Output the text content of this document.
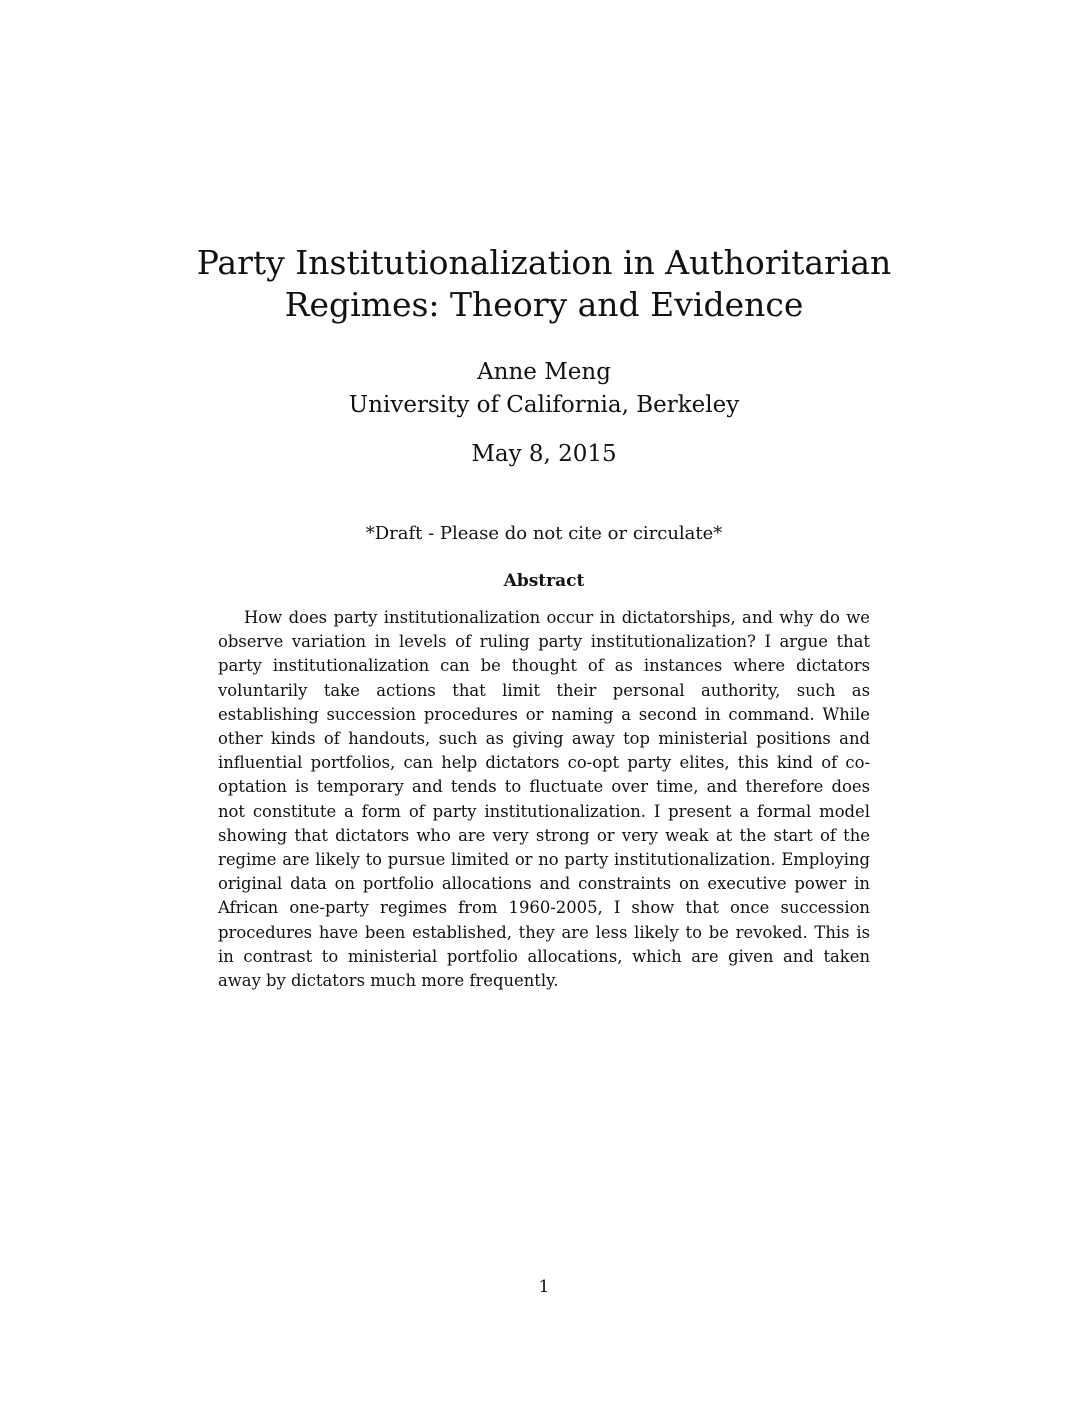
Party Institutionalization in Authoritarian Regimes: Theory and Evidence
Anne Meng
University of California, Berkeley
May 8, 2015
*Draft - Please do not cite or circulate*
Abstract

How does party institutionalization occur in dictatorships, and why do we observe variation in levels of ruling party institutionalization? I argue that party institutionalization can be thought of as instances where dictators voluntarily take actions that limit their personal authority, such as establishing succession procedures or naming a second in command. While other kinds of handouts, such as giving away top ministerial positions and influential portfolios, can help dictators co-opt party elites, this kind of co-optation is temporary and tends to fluctuate over time, and therefore does not constitute a form of party institutionalization. I present a formal model showing that dictators who are very strong or very weak at the start of the regime are likely to pursue limited or no party institutionalization. Employing original data on portfolio allocations and constraints on executive power in African one-party regimes from 1960-2005, I show that once succession procedures have been established, they are less likely to be revoked. This is in contrast to ministerial portfolio allocations, which are given and taken away by dictators much more frequently.

1
